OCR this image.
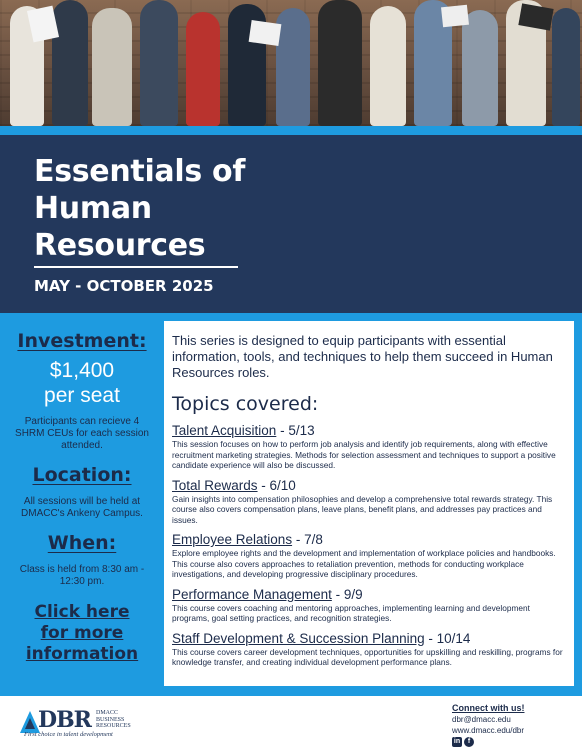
Essentials of Human Resources
MAY - OCTOBER 2025
Investment:
$1,400
per seat
Participants can recieve 4 SHRM CEUs for each session attended.
Location:
All sessions will be held at DMACC's Ankeny Campus.
When:
Class is held from 8:30 am - 12:30 pm.
Click here for more information
This series is designed to equip participants with essential information, tools, and techniques to help them succeed in Human Resources roles.
Topics covered:
Talent Acquisition - 5/13
This session focuses on how to perform job analysis and identify job requirements, along with effective recruitment marketing strategies. Methods for selection assessment and techniques to support a positive candidate experience will also be discussed.
Total Rewards - 6/10
Gain insights into compensation philosophies and develop a comprehensive total rewards strategy. This course also covers compensation plans, leave plans, benefit plans, and addresses pay practices and issues.
Employee Relations - 7/8
Explore employee rights and the development and implementation of workplace policies and handbooks. This course also covers approaches to retaliation prevention, methods for conducting workplace investigations, and developing progressive disciplinary procedures.
Performance Management - 9/9
This course covers coaching and mentoring approaches, implementing learning and development programs, goal setting practices, and recognition strategies.
Staff Development & Succession Planning - 10/14
This course covers career development techniques, opportunities for upskilling and reskilling, programs for knowledge transfer, and creating individual development performance plans.
DBR DMACC
BUSINESS
RESOURCES
First choice in talent development
Connect with us!
dbr@dmacc.edu
www.dmacc.edu/dbr
in	f
